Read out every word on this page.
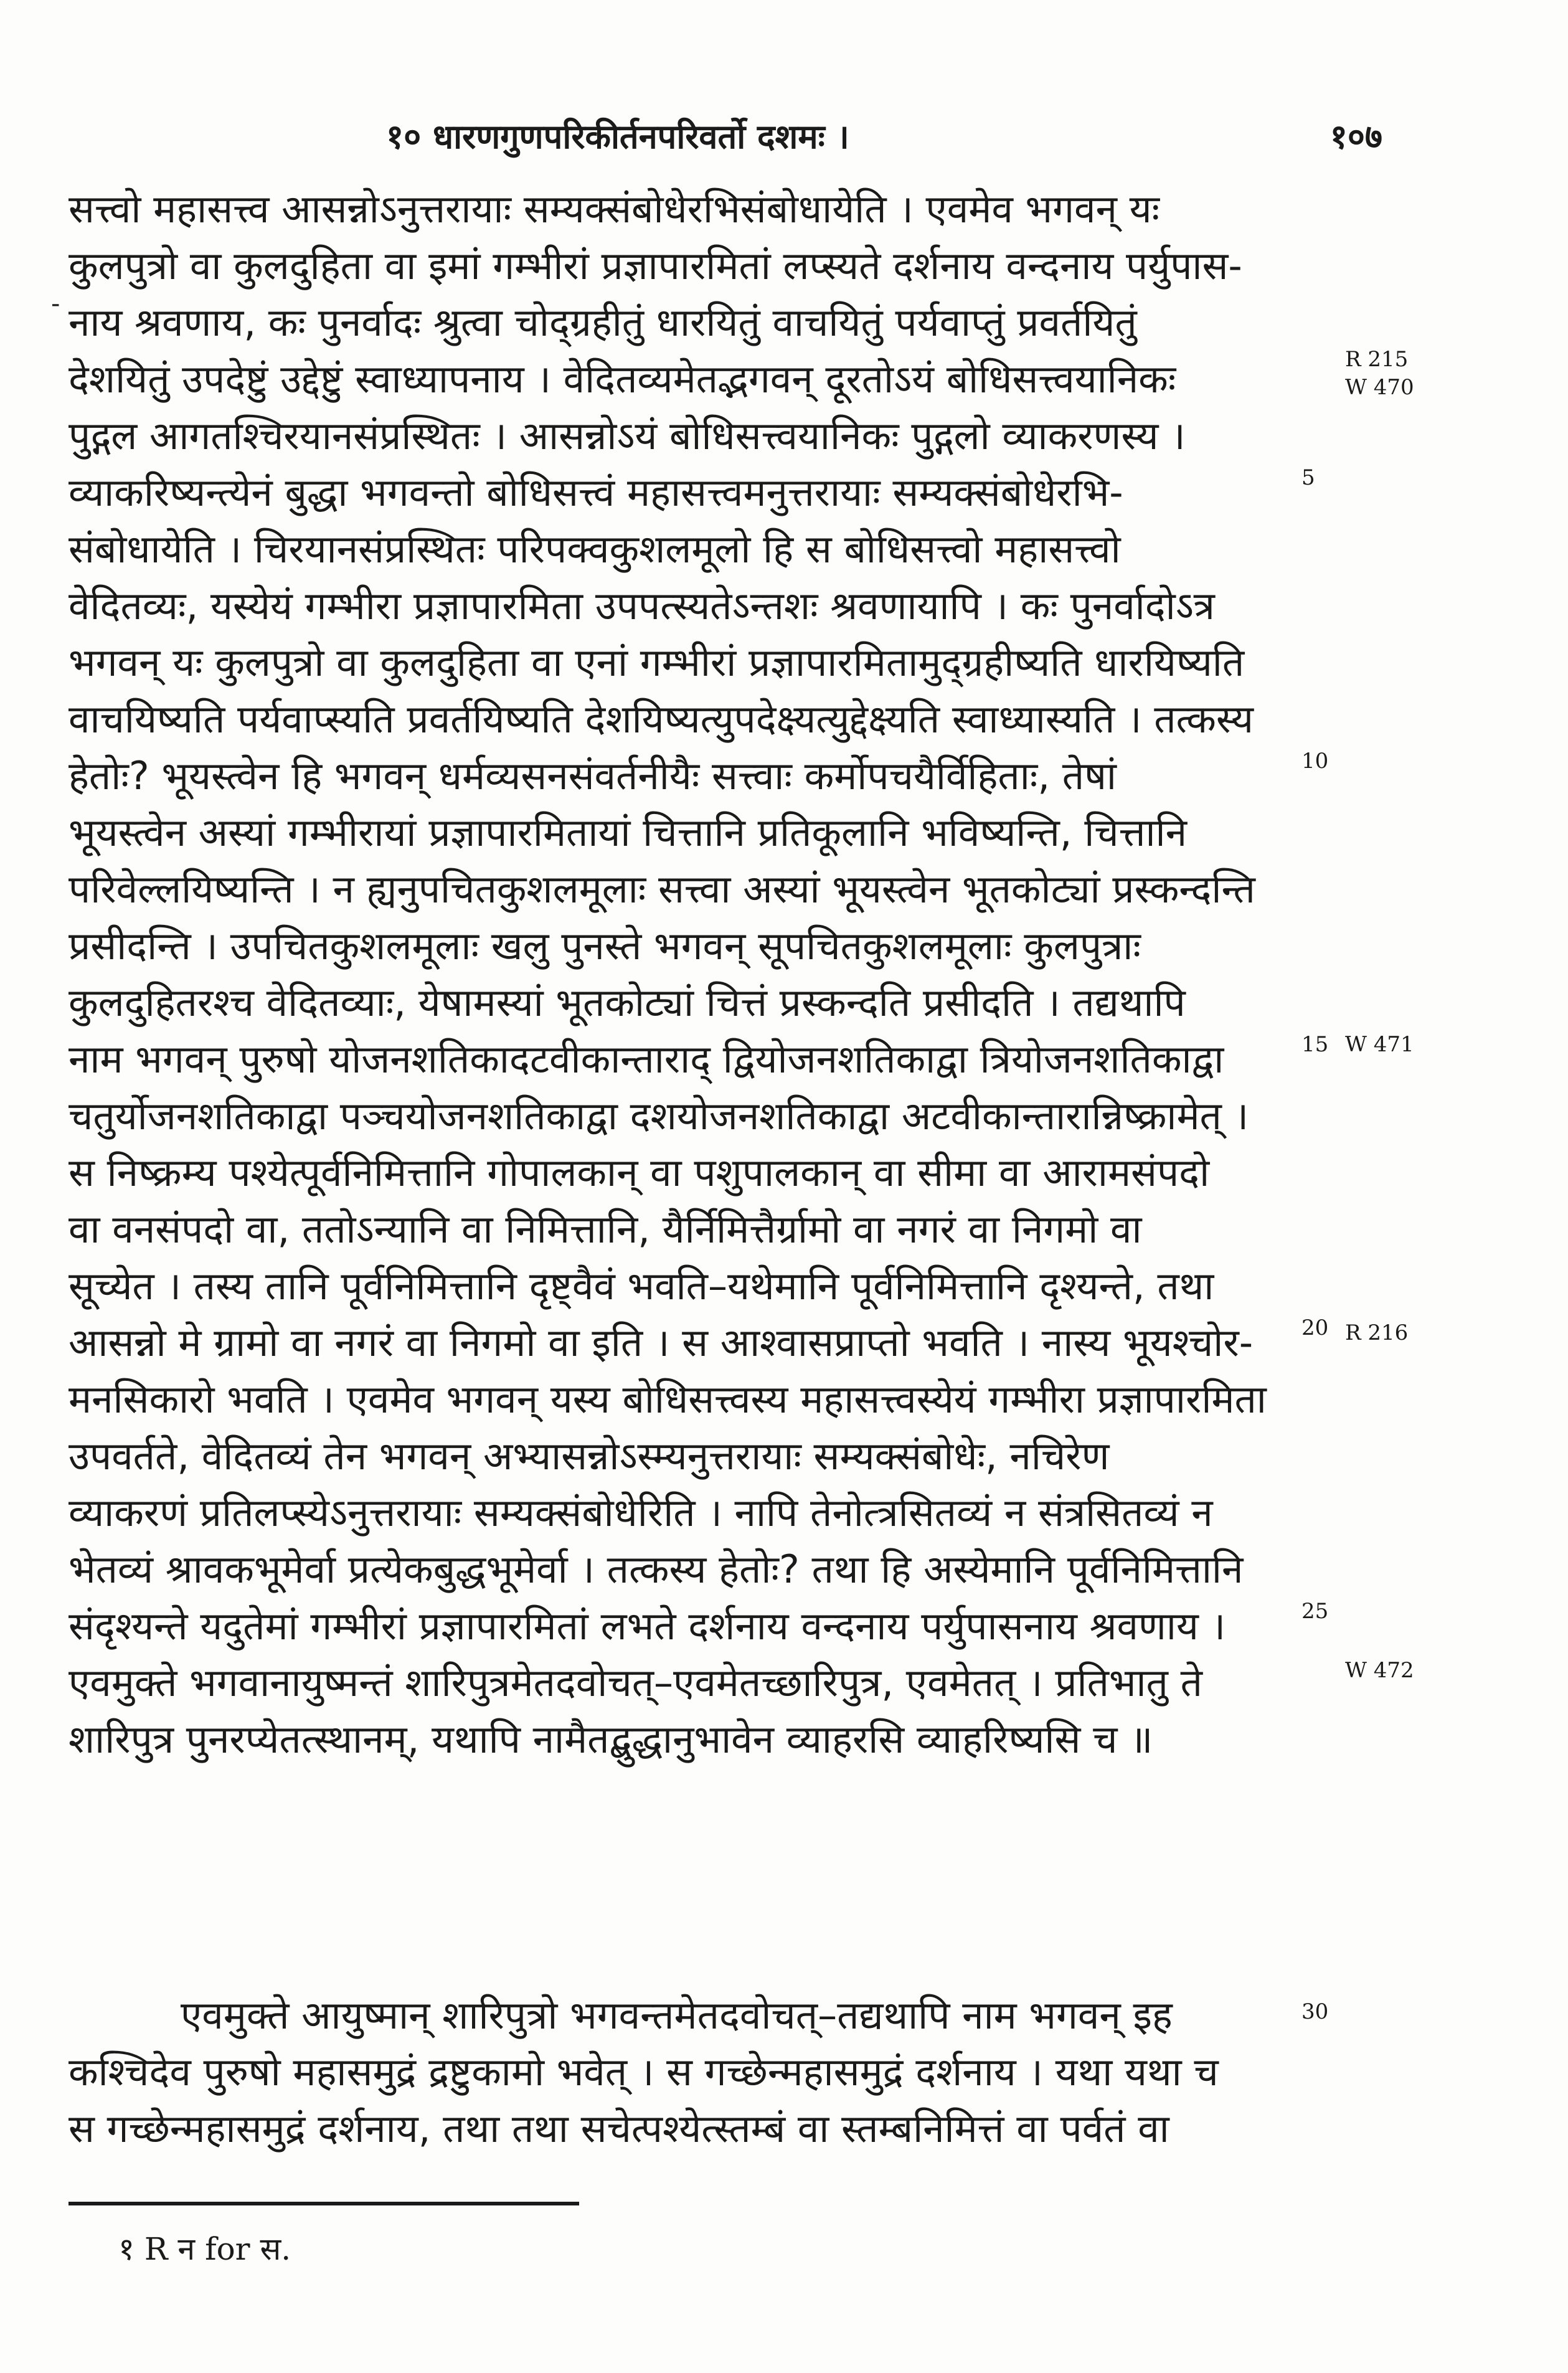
१० धारणगुणपरिकीर्तनपरिवर्तो दशमः ।	१०७
-
सत्त्वो महासत्त्व आसन्नोऽनुत्तरायाः सम्यक्संबोधेरभिसंबोधायेति । एवमेव भगवन् यः
कुलपुत्रो वा कुलदुहिता वा इमां गम्भीरां प्रज्ञापारमितां लप्स्यते दर्शनाय वन्दनाय पर्युपास-
नाय श्रवणाय, कः पुनर्वादः श्रुत्वा चोद्ग्रहीतुं धारयितुं वाचयितुं पर्यवाप्तुं प्रवर्तयितुं
देशयितुं उपदेष्टुं उद्देष्टुं स्वाध्यापनाय । वेदितव्यमेतद्भगवन् दूरतोऽयं बोधिसत्त्वयानिकः
पुद्गल आगतश्चिरयानसंप्रस्थितः । आसन्नोऽयं बोधिसत्त्वयानिकः पुद्गलो व्याकरणस्य ।
व्याकरिष्यन्त्येनं बुद्धा भगवन्तो बोधिसत्त्वं महासत्त्वमनुत्तरायाः सम्यक्संबोधेरभि-
संबोधायेति । चिरयानसंप्रस्थितः परिपक्वकुशलमूलो हि स बोधिसत्त्वो महासत्त्वो
वेदितव्यः, यस्येयं गम्भीरा प्रज्ञापारमिता उपपत्स्यतेऽन्तशः श्रवणायापि । कः पुनर्वादोऽत्र
भगवन् यः कुलपुत्रो वा कुलदुहिता वा एनां गम्भीरां प्रज्ञापारमितामुद्ग्रहीष्यति धारयिष्यति
वाचयिष्यति पर्यवाप्स्यति प्रवर्तयिष्यति देशयिष्यत्युपदेक्ष्यत्युद्देक्ष्यति स्वाध्यास्यति । तत्कस्य
हेतोः? भूयस्त्वेन हि भगवन् धर्मव्यसनसंवर्तनीयैः सत्त्वाः कर्मोपचयैर्विहिताः, तेषां
भूयस्त्वेन अस्यां गम्भीरायां प्रज्ञापारमितायां चित्तानि प्रतिकूलानि भविष्यन्ति, चित्तानि
परिवेल्लयिष्यन्ति । न ह्यनुपचितकुशलमूलाः सत्त्वा अस्यां भूयस्त्वेन भूतकोट्यां प्रस्कन्दन्ति
प्रसीदन्ति । उपचितकुशलमूलाः खलु पुनस्ते भगवन् सूपचितकुशलमूलाः कुलपुत्राः
कुलदुहितरश्च वेदितव्याः, येषामस्यां भूतकोट्यां चित्तं प्रस्कन्दति प्रसीदति । तद्यथापि
नाम भगवन् पुरुषो योजनशतिकादटवीकान्ताराद् द्वियोजनशतिकाद्वा त्रियोजनशतिकाद्वा
चतुर्योजनशतिकाद्वा पञ्चयोजनशतिकाद्वा दशयोजनशतिकाद्वा अटवीकान्तारान्निष्क्रामेत् ।
स निष्क्रम्य पश्येत्पूर्वनिमित्तानि गोपालकान् वा पशुपालकान् वा सीमा वा आरामसंपदो
वा वनसंपदो वा, ततोऽन्यानि वा निमित्तानि, यैर्निमित्तैर्ग्रामो वा नगरं वा निगमो वा
सूच्येत । तस्य तानि पूर्वनिमित्तानि दृष्ट्वैवं भवति–यथेमानि पूर्वनिमित्तानि दृश्यन्ते, तथा
आसन्नो मे ग्रामो वा नगरं वा निगमो वा इति । स आश्वासप्राप्तो भवति । नास्य भूयश्चोर-
मनसिकारो भवति । एवमेव भगवन् यस्य बोधिसत्त्वस्य महासत्त्वस्येयं गम्भीरा प्रज्ञापारमिता
उपवर्तते, वेदितव्यं तेन भगवन् अभ्यासन्नोऽस्म्यनुत्तरायाः सम्यक्संबोधेः, नचिरेण
व्याकरणं प्रतिलप्स्येऽनुत्तरायाः सम्यक्संबोधेरिति । नापि तेनोत्त्रसितव्यं न संत्रसितव्यं न
भेतव्यं श्रावकभूमेर्वा प्रत्येकबुद्धभूमेर्वा । तत्कस्य हेतोः? तथा हि अस्येमानि पूर्वनिमित्तानि
संदृश्यन्ते यदुतेमां गम्भीरां प्रज्ञापारमितां लभते दर्शनाय वन्दनाय पर्युपासनाय श्रवणाय ।
एवमुक्ते भगवानायुष्मन्तं शारिपुत्रमेतदवोचत्–एवमेतच्छारिपुत्र, एवमेतत् । प्रतिभातु ते
शारिपुत्र पुनरप्येतत्स्थानम्, यथापि नामैतद्बुद्धानुभावेन व्याहरसि व्याहरिष्यसि च ॥
एवमुक्ते आयुष्मान् शारिपुत्रो भगवन्तमेतदवोचत्–तद्यथापि नाम भगवन् इह
कश्चिदेव पुरुषो महासमुद्रं द्रष्टुकामो भवेत् । स गच्छेन्महासमुद्रं दर्शनाय । यथा यथा च
स गच्छेन्महासमुद्रं दर्शनाय, तथा तथा सचेत्पश्येत्स्तम्बं वा स्तम्बनिमित्तं वा पर्वतं वा
5
10
15
20
25
30
R 215
W 470
W 471
R 216
W 472
१ R न for स.
